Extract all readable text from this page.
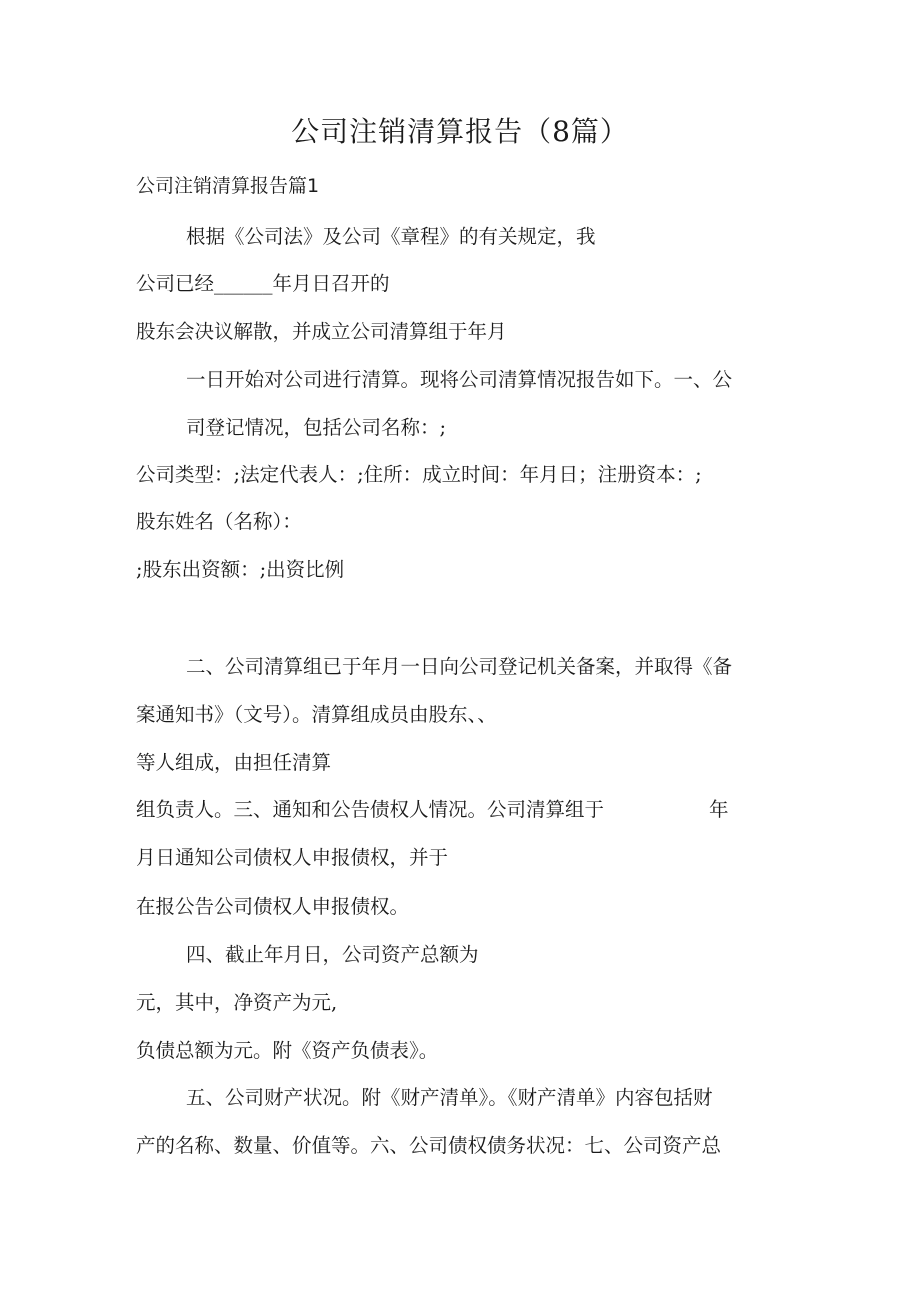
公司注销清算报告（8篇）

公司注销清算报告篇1

根据《公司法》及公司《章程》的有关规定，我

公司已经______年月日召开的

股东会决议解散，并成立公司清算组于年月

一日开始对公司进行清算。现将公司清算情况报告如下。一、公

司登记情况，包括公司名称：;

公司类型：;法定代表人：;住所：成立时间：年月日；注册资本：;

股东姓名（名称）：

;股东出资额：;出资比例

二、公司清算组已于年月一日向公司登记机关备案，并取得《备

案通知书》（文号）。清算组成员由股东、、

等人组成，由担任清算

组负责人。三、通知和公告债权人情况。公司清算组于	年

月日通知公司债权人申报债权，并于

在报公告公司债权人申报债权。

四、截止年月日，公司资产总额为

元，其中，净资产为元,

负债总额为元。附《资产负债表》。

五、公司财产状况。附《财产清单》。《财产清单》内容包括财

产的名称、数量、价值等。六、公司债权债务状况：七、公司资产总
